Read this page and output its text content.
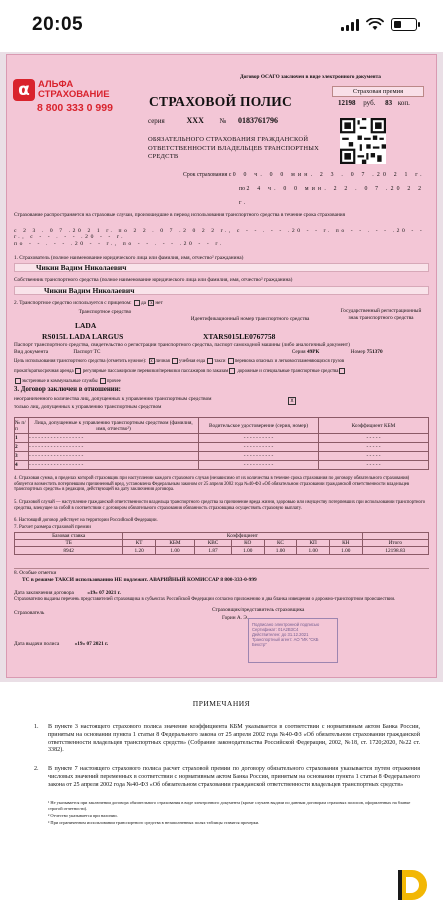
20:05
Договор ОСАГО заключен в виде электронного документа
α АЛЬФА
СТРАХОВАНИЕ
8 800 333 0 999	СТРАХОВОЙ ПОЛИС
Страховая премия
12198 руб. 83 коп.
серия	XXX № 0183761796
ОБЯЗАТЕЛЬНОГО СТРАХОВАНИЯ ГРАЖДАНСКОЙ ОТВЕТСТВЕННОСТИ ВЛАДЕЛЬЦЕВ ТРАНСПОРТНЫХ СРЕДСТВ
Срок страхования с 0 0 ч. 0 0 мин. 2 3 . 0 7 .20 2 1 г.
по 2 4 ч. 0 0 мин. 2 2 . 0 7 .20 2 2 г.
Страхование распространяется на страховые случаи, произошедшие в период использования транспортного средства в течение срока страхования
с 2 3 . 0 7 .20 2 1 г. по 2 2 . 0 7 .2 0 2 2 г., с - - . - - .20 - - г. по - - . - - .20 - - г., с - - . - - .20 - - г.
по - - . - - .20 - - г., по - - . - - .20 - - г.
1. Страхователь (полное наименование юридического лица или фамилия, имя, отчество² гражданина)
Чикин Вадим Николаевич
Собственник транспортного средства (полное наименование юридического лица или фамилия, имя, отчество² гражданина)
Чикин Вадим Николаевич
2. Транспортное средство используется с прицепом: да x нет
Транспортное средство
Идентификационный номер транспортного средства
Государственный регистрационный знак транспортного средства
LADA
RS015L LADA LARGUS	XTARS015LE0767758
Паспорт транспортного средства, свидетельство о регистрации транспортного средства, паспорт самоходной машины (либо аналогичный документ)
Вид документа	Паспорт ТС	Серия 49РК	Номер 751370
Цель использования транспортного средства (отметить нужное): x личная учебная езда такси перевозка опасных и легковоспламеняющихся грузов
прокат/краткосрочная аренда регулярные пассажирские перевозки/перевозки пассажиров по заказам дорожные и специальные транспортные средства
экстренные и коммунальные службы прочее
3. Договор заключен в отношении:
неограниченного количества лиц, допущенных к управлению транспортным средством
только лиц, допущенных к управлению транспортным средством
x
№ п/п	Лица, допущенные к управлению транспортным средством (фамилия, имя, отчество²)	Водительское удостоверение (серия, номер)	Коэффициент КБМ
1	- - - - - - - - - - - - - - - - - -	- - - - - - - - - -	- - - - -
2	- - - - - - - - - - - - - - - - - -	- - - - - - - - - -	- - - - -
3	- - - - - - - - - - - - - - - - - -	- - - - - - - - - -	- - - - -
4	- - - - - - - - - - - - - - - - - -	- - - - - - - - - -	- - - - -
4. Страховая сумма, в пределах которой страховщик при наступлении каждого страхового случая (независимо от их количества в течение срока страхования по договору обязательного страхования) обязуется возместить потерпевшим причиненный вред, установлена Федеральным законом от 25 апреля 2002 года №40-ФЗ «Об обязательном страховании гражданской ответственности владельцев транспортных средств» в редакции, действующей на дату заключения договора.
5. Страховой случай — наступление гражданской ответственности владельца транспортного средства за причинение вреда жизни, здоровью или имуществу потерпевших при использовании транспортного средства, влекущее за собой в соответствии с договором обязательного страхования обязанность страховщика осуществить страховую выплату.
6. Настоящий договор действует на территории Российской Федерации.
7. Расчет размера страховой премии
Базовая ставка	Коэффициент							
ТБ	КТ	КБМ	КВС	КО	КС	КП	КН	Итого
8942	1.20	1.00	1.87	1.00	1.00	1.00	1.00	12198.83
8. Особые отметки
ТС в режиме ТАКСИ использованию НЕ подлежит. АВАРИЙНЫЙ КОМИССАР 8 800-333-0-999
Дата заключения договора	«19» 07 2021 г.
Страхователю выданы перечень представителей страховщика в субъектах Российской Федерации согласно приложению и два бланка извещения о дорожно-транспортном происшествии.
Страхователь	Страховщик/представитель страховщика
Горин А. Э.
Подписано электронной подписью
Сертификат: 01A2B3C4
Действителен: до 31.12.2021
Транспортный агент: АО "ИК "СКБ Бекстр"
Дата выдачи полиса	«19» 07 2021 г.
ПРИМЕЧАНИЯ
1. В пункте 3 настоящего страхового полиса значение коэффициента КБМ указывается в соответствии с нормативным актом Банка России, принятым на основании пункта 1 статьи 8 Федерального закона от 25 апреля 2002 года №40-ФЗ «Об обязательном страховании гражданской ответственности владельцев транспортных средств» (Собрание законодательства Российской Федерации, 2002, №18, ст. 1720;2020, №22 ст. 3382).
2. В пункте 7 настоящего страхового полиса расчет страховой премии по договору обязательного страхования указывается путем отражения числовых значений переменных в соответствии с нормативным актом Банка России, принятым на основании пункта 1 статьи 8 Федерального закона от 25 апреля 2002 года №40-ФЗ «Об обязательном страховании гражданской ответственности владельцев транспортных средств»
¹ Не указывается при заключении договора обязательного страхования в виде электронного документа (кроме случаев выдачи по данным договорам страховых полисов, оформленных на бланке строгой отчетности).
² Отчество указывается при наличии.
³ При ограниченном использовании транспортного средства в незаполненных полях таблицы ставятся прочерки.
